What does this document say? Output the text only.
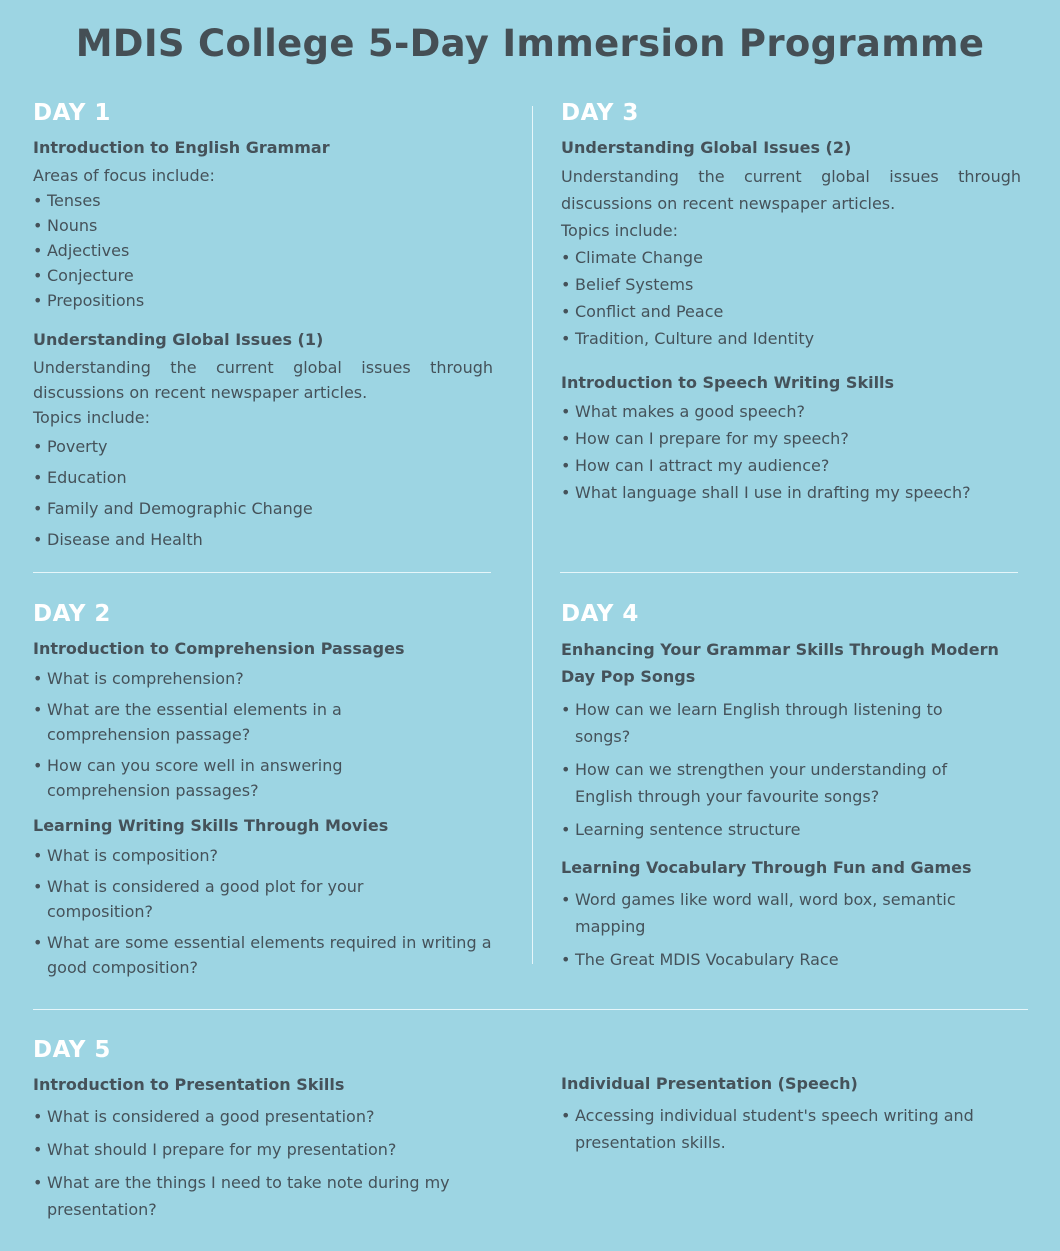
MDIS College 5-Day Immersion Programme
DAY 1
Introduction to English Grammar
Areas of focus include:
• Tenses
• Nouns
• Adjectives
• Conjecture
• Prepositions
Understanding Global Issues (1)
Understanding the current global issues through discussions on recent newspaper articles.
Topics include:
• Poverty
• Education
• Family and Demographic Change
• Disease and Health
DAY 3
Understanding Global Issues (2)
Understanding the current global issues through discussions on recent newspaper articles.
Topics include:
• Climate Change
• Belief Systems
• Conflict and Peace
• Tradition, Culture and Identity
Introduction to Speech Writing Skills
• What makes a good speech?
• How can I prepare for my speech?
• How can I attract my audience?
• What language shall I use in drafting my speech?
DAY 2
Introduction to Comprehension Passages
• What is comprehension?
• What are the essential elements in a comprehension passage?
• How can you score well in answering comprehension passages?
Learning Writing Skills Through Movies
• What is composition?
• What is considered a good plot for your composition?
• What are some essential elements required in writing a good composition?
DAY 4
Enhancing Your Grammar Skills Through Modern Day Pop Songs
• How can we learn English through listening to songs?
• How can we strengthen your understanding of English through your favourite songs?
• Learning sentence structure
Learning Vocabulary Through Fun and Games
• Word games like word wall, word box, semantic mapping
• The Great MDIS Vocabulary Race
DAY 5
Introduction to Presentation Skills
• What is considered a good presentation?
• What should I prepare for my presentation?
• What are the things I need to take note during my presentation?
Individual Presentation (Speech)
• Accessing individual student's speech writing and presentation skills.
